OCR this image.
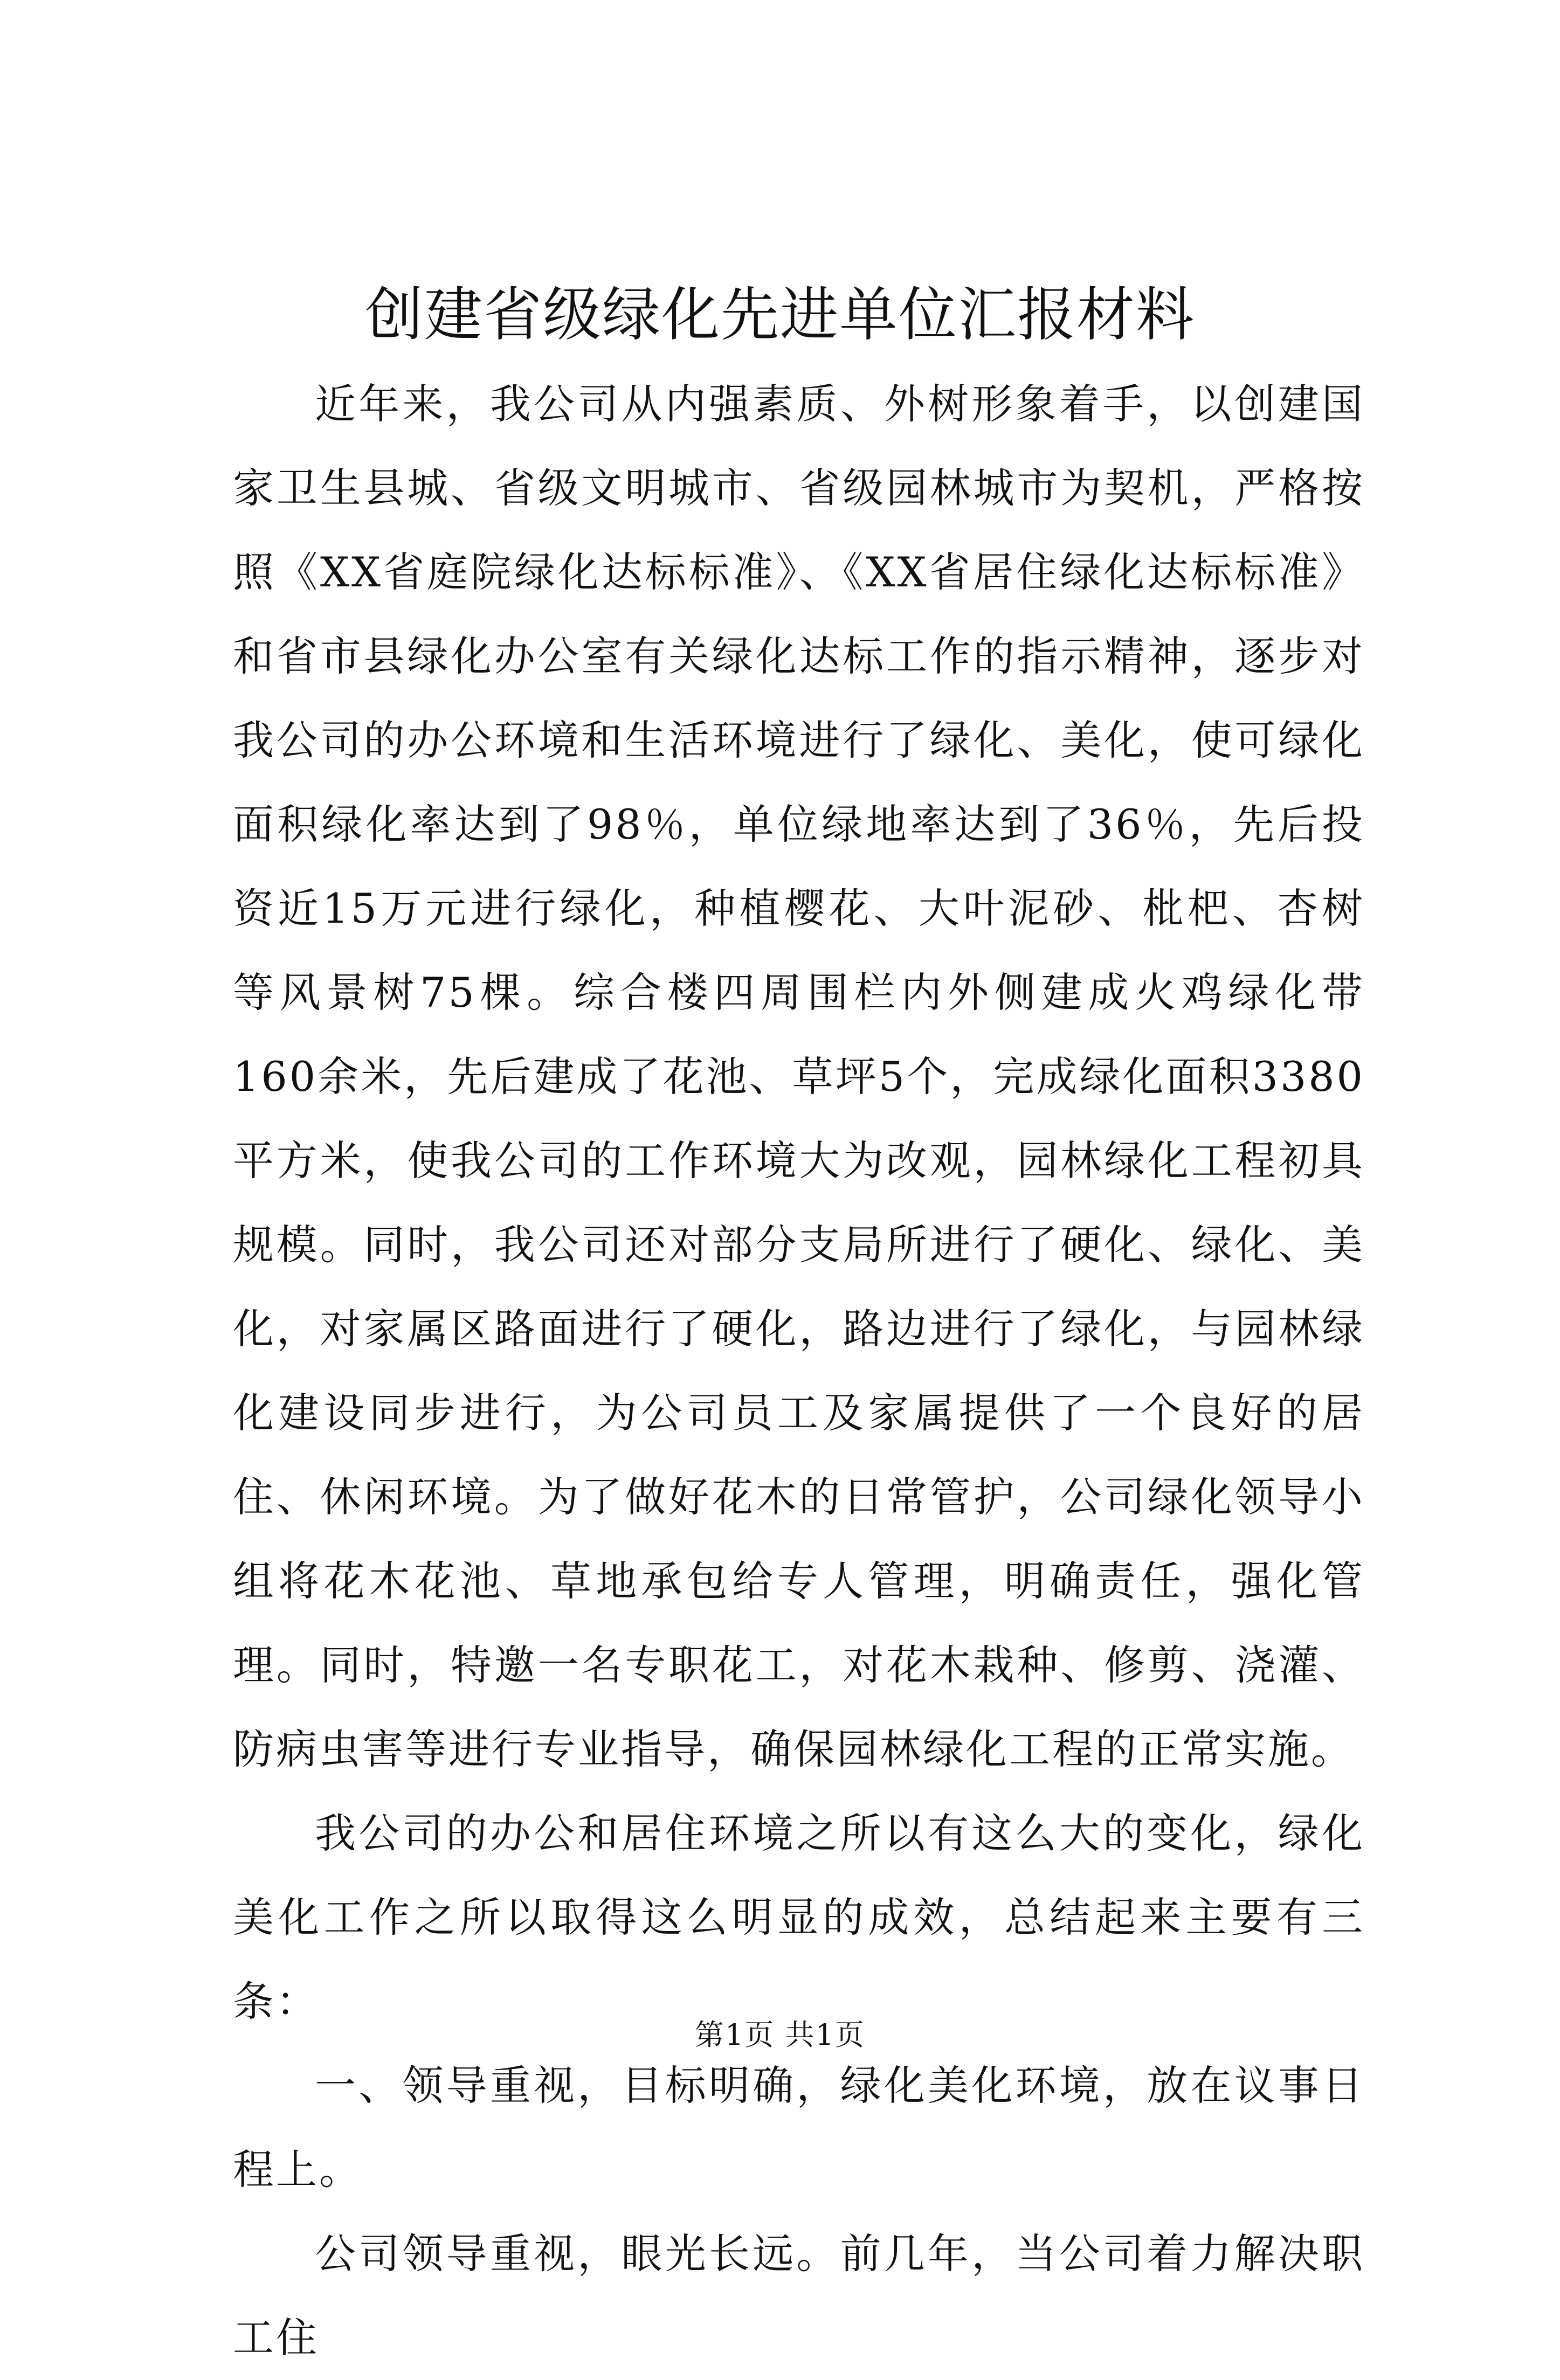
创建省级绿化先进单位汇报材料

近年来，我公司从内强素质、外树形象着手，以创建国家卫生县城、省级文明城市、省级园林城市为契机，严格按照《XX省庭院绿化达标标准》、《XX省居住绿化达标标准》和省市县绿化办公室有关绿化达标工作的指示精神，逐步对我公司的办公环境和生活环境进行了绿化、美化，使可绿化面积绿化率达到了98％，单位绿地率达到了36％，先后投资近15万元进行绿化，种植樱花、大叶泥砂、枇杷、杏树等风景树75棵。综合楼四周围栏内外侧建成火鸡绿化带160余米，先后建成了花池、草坪5个，完成绿化面积3380平方米，使我公司的工作环境大为改观，园林绿化工程初具规模。同时，我公司还对部分支局所进行了硬化、绿化、美化，对家属区路面进行了硬化，路边进行了绿化，与园林绿化建设同步进行，为公司员工及家属提供了一个良好的居住、休闲环境。为了做好花木的日常管护，公司绿化领导小组将花木花池、草地承包给专人管理，明确责任，强化管理。同时，特邀一名专职花工，对花木栽种、修剪、浇灌、防病虫害等进行专业指导，确保园林绿化工程的正常实施。

我公司的办公和居住环境之所以有这么大的变化，绿化美化工作之所以取得这么明显的成效，总结起来主要有三条：

一、领导重视，目标明确，绿化美化环境，放在议事日程上。

公司领导重视，眼光长远。前几年，当公司着力解决职工住

第1页 共1页
